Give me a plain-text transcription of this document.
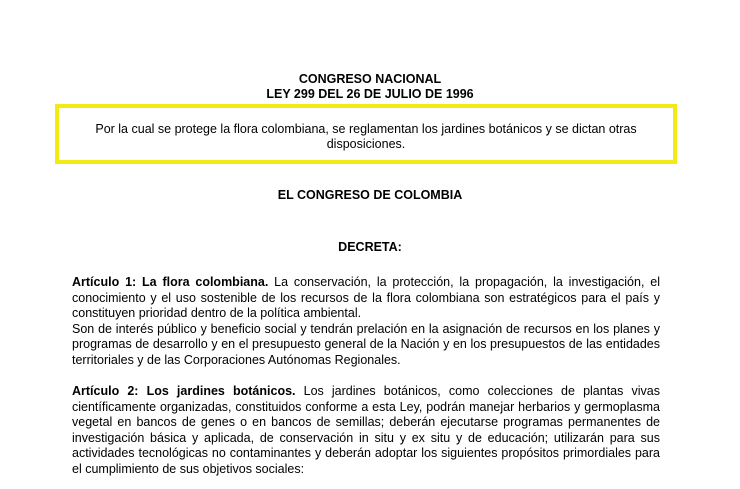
CONGRESO NACIONAL
LEY 299 DEL 26 DE JULIO DE 1996
Por la cual se protege la flora colombiana, se reglamentan los jardines botánicos y se dictan otras disposiciones.
EL CONGRESO DE COLOMBIA
DECRETA:

Artículo 1: La flora colombiana. La conservación, la protección, la propagación, la investigación, el conocimiento y el uso sostenible de los recursos de la flora colombiana son estratégicos para el país y constituyen prioridad dentro de la política ambiental.

Son de interés público y beneficio social y tendrán prelación en la asignación de recursos en los planes y programas de desarrollo y en el presupuesto general de la Nación y en los presupuestos de las entidades territoriales y de las Corporaciones Autónomas Regionales.

Artículo 2: Los jardines botánicos. Los jardines botánicos, como colecciones de plantas vivas científicamente organizadas, constituidos conforme a esta Ley, podrán manejar herbarios y germoplasma vegetal en bancos de genes o en bancos de semillas; deberán ejecutarse programas permanentes de investigación básica y aplicada, de conservación in situ y ex situ y de educación; utilizarán para sus actividades tecnológicas no contaminantes y deberán adoptar los siguientes propósitos primordiales para el cumplimiento de sus objetivos sociales:
